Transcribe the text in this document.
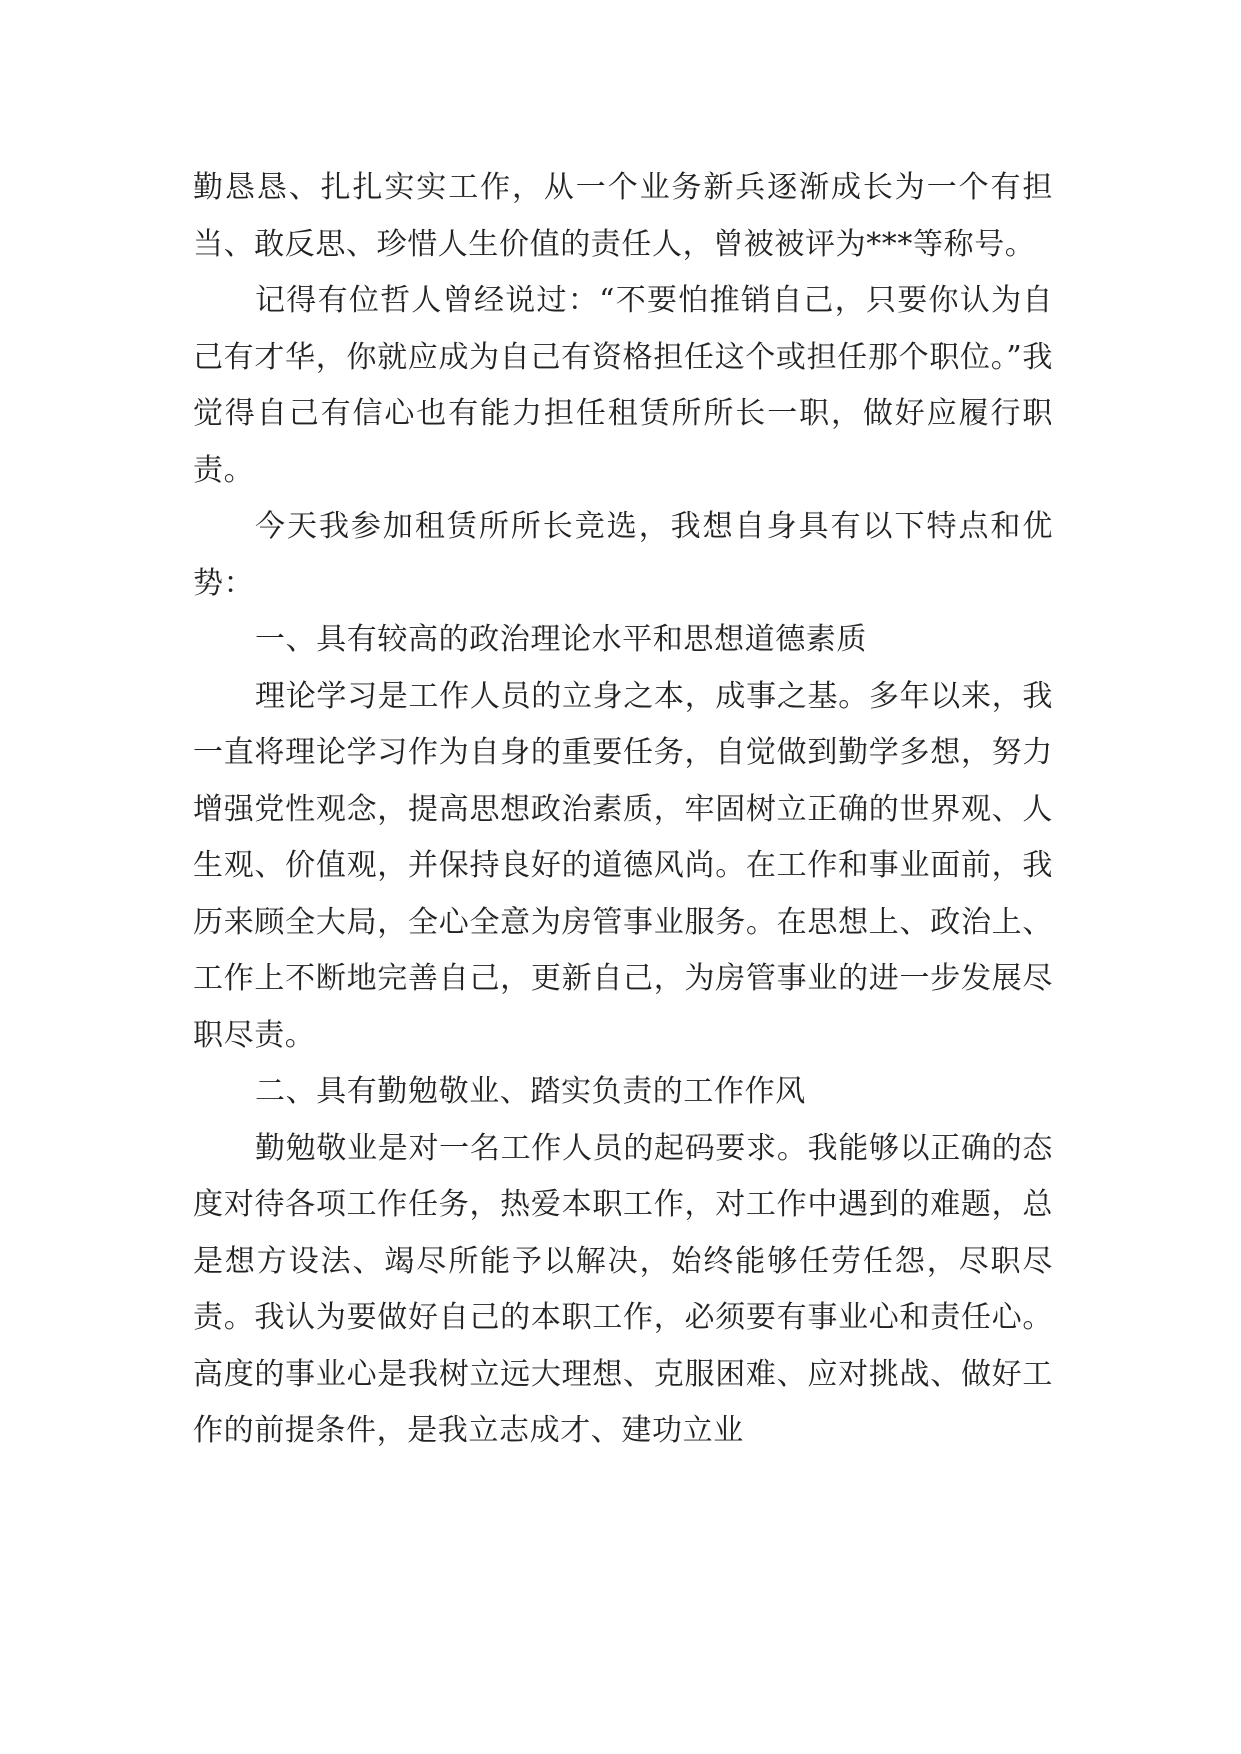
勤恳恳、扎扎实实工作，从一个业务新兵逐渐成长为一个有担当、敢反思、珍惜人生价值的责任人，曾被被评为***等称号。

记得有位哲人曾经说过：“不要怕推销自己，只要你认为自己有才华，你就应成为自己有资格担任这个或担任那个职位。”我觉得自己有信心也有能力担任租赁所所长一职，做好应履行职责。

今天我参加租赁所所长竞选，我想自身具有以下特点和优势：

一、具有较高的政治理论水平和思想道德素质

理论学习是工作人员的立身之本，成事之基。多年以来，我一直将理论学习作为自身的重要任务，自觉做到勤学多想，努力增强党性观念，提高思想政治素质，牢固树立正确的世界观、人生观、价值观，并保持良好的道德风尚。在工作和事业面前，我历来顾全大局，全心全意为房管事业服务。在思想上、政治上、工作上不断地完善自己，更新自己，为房管事业的进一步发展尽职尽责。

二、具有勤勉敬业、踏实负责的工作作风

勤勉敬业是对一名工作人员的起码要求。我能够以正确的态度对待各项工作任务，热爱本职工作，对工作中遇到的难题，总是想方设法、竭尽所能予以解决，始终能够任劳任怨，尽职尽责。我认为要做好自己的本职工作，必须要有事业心和责任心。高度的事业心是我树立远大理想、克服困难、应对挑战、做好工作的前提条件，是我立志成才、建功立业
